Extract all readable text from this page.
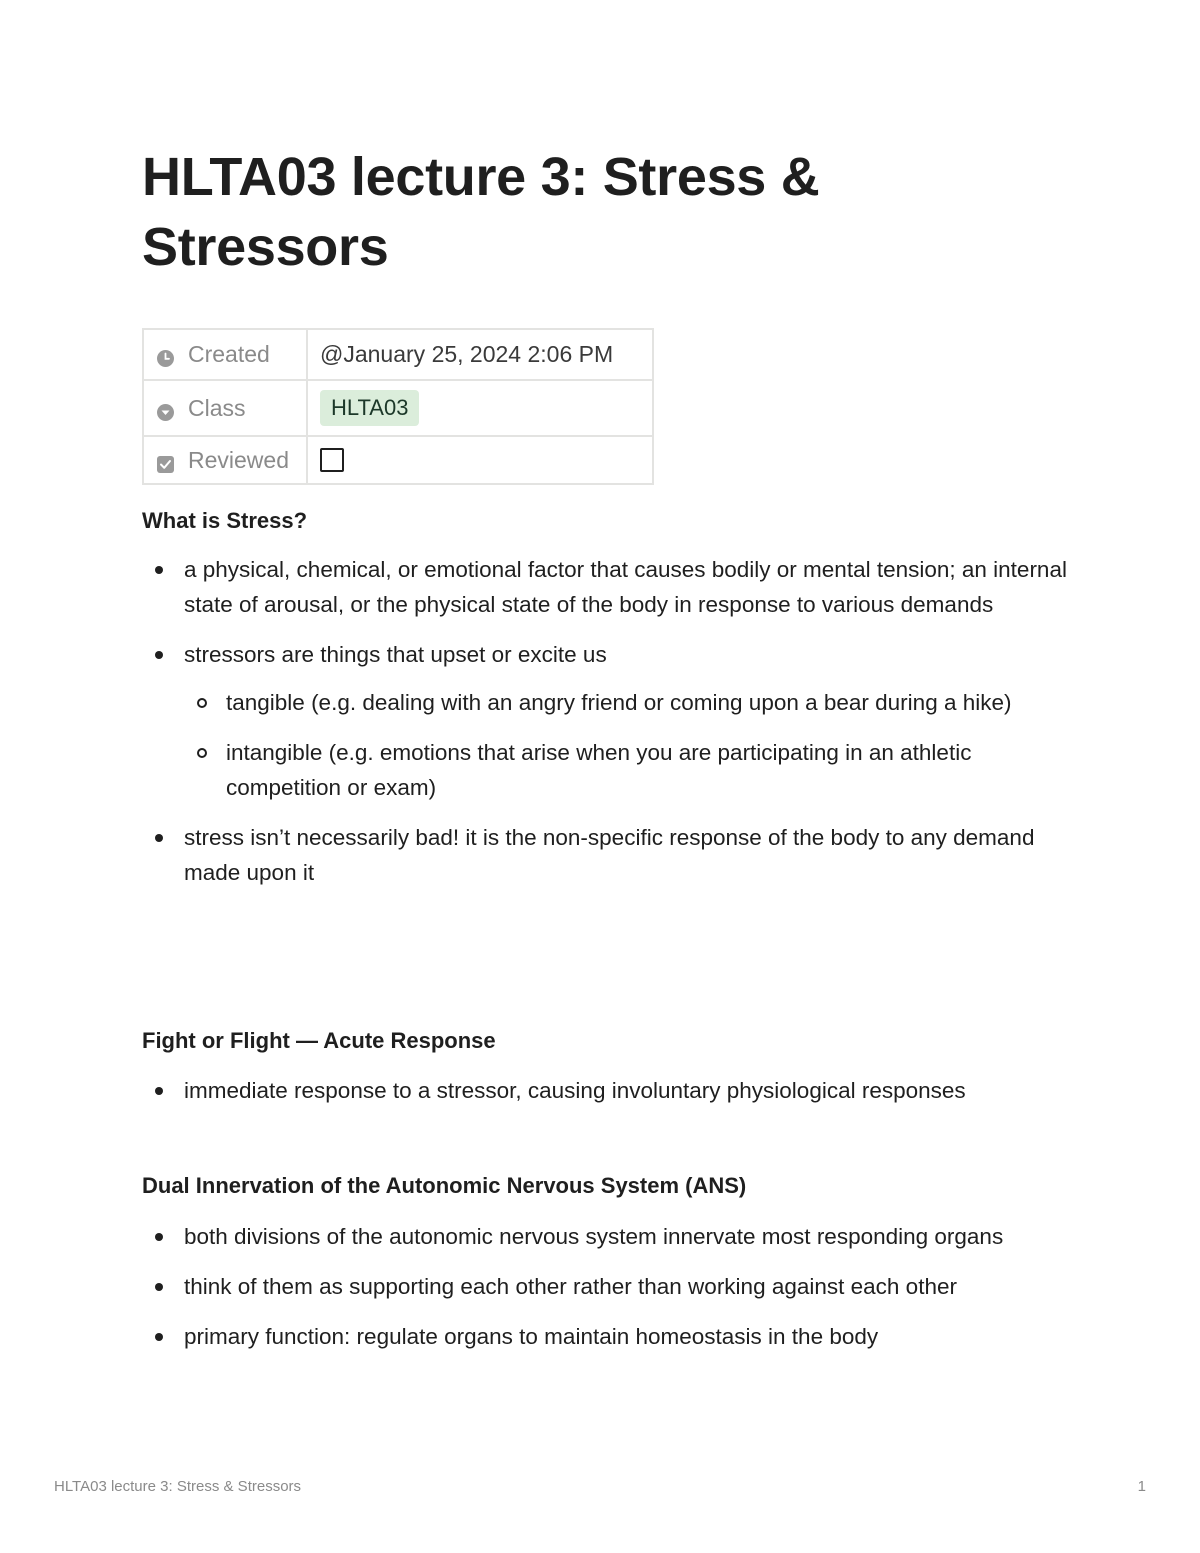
HLTA03 lecture 3: Stress & Stressors
Created	@January 25, 2024 2:06 PM

Class	HLTA03

Reviewed	

What is Stress?
a physical, chemical, or emotional factor that causes bodily or mental tension; an internal state of arousal, or the physical state of the body in response to various demands
stressors are things that upset or excite us
tangible (e.g. dealing with an angry friend or coming upon a bear during a hike)
intangible (e.g. emotions that arise when you are participating in an athletic competition or exam)
stress isn’t necessarily bad! it is the non-specific response of the body to any demand made upon it
Fight or Flight — Acute Response
immediate response to a stressor, causing involuntary physiological responses
Dual Innervation of the Autonomic Nervous System (ANS)
both divisions of the autonomic nervous system innervate most responding organs
think of them as supporting each other rather than working against each other
primary function: regulate organs to maintain homeostasis in the body
HLTA03 lecture 3: Stress & Stressors	1
